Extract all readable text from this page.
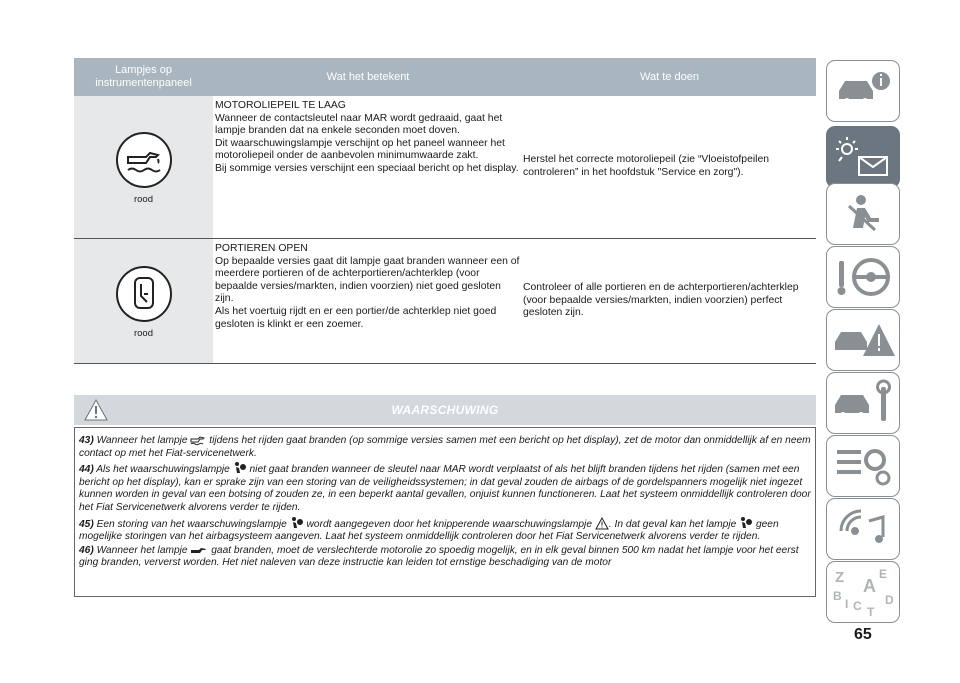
Lampjes op
instrumentenpaneel
Wat het betekent	Wat te doen
rood
MOTOROLIEPEIL TE LAAG
Wanneer de contactsleutel naar MAR wordt gedraaid, gaat het lampje branden dat na enkele seconden moet doven.
Dit waarschuwingslampje verschijnt op het paneel wanneer het motoroliepeil onder de aanbevolen minimumwaarde zakt.
Bij sommige versies verschijnt een speciaal bericht op het display.
Herstel het correcte motoroliepeil (zie “Vloeistofpeilen controleren” in het hoofdstuk "Service en zorg").
rood
PORTIEREN OPEN
Op bepaalde versies gaat dit lampje gaat branden wanneer een of meerdere portieren of de achterportieren/achterklep (voor bepaalde versies/markten, indien voorzien) niet goed gesloten zijn.
Als het voertuig rijdt en er een portier/de achterklep niet goed gesloten is klinkt er een zoemer.
Controleer of alle portieren en de achterportieren/achterklep (voor bepaalde versies/markten, indien voorzien) perfect gesloten zijn.
WAARSCHUWING

43) Wanneer het lampje tijdens het rijden gaat branden (op sommige versies samen met een bericht op het display), zet de motor dan onmiddellijk af en neem contact op met het Fiat-servicenetwerk.

44) Als het waarschuwingslampje niet gaat branden wanneer de sleutel naar MAR wordt verplaatst of als het blijft branden tijdens het rijden (samen met een bericht op het display), kan er sprake zijn van een storing van de veiligheidssystemen; in dat geval zouden de airbags of de gordelspanners mogelijk niet ingezet kunnen worden in geval van een botsing of zouden ze, in een beperkt aantal gevallen, onjuist kunnen functioneren. Laat het systeem onmiddellijk controleren door het Fiat Servicenetwerk alvorens verder te rijden.

45) Een storing van het waarschuwingslampje wordt aangegeven door het knipperende waarschuwingslampje . In dat geval kan het lampje geen mogelijke storingen van het airbagsysteem aangeven. Laat het systeem onmiddellijk controleren door het Fiat Servicenetwerk alvorens verder te rijden.

46) Wanneer het lampje gaat branden, moet de verslechterde motorolie zo spoedig mogelijk, en in elk geval binnen 500 km nadat het lampje voor het eerst ging branden, ververst worden. Het niet naleven van deze instructie kan leiden tot ernstige beschadiging van de motor

Z	E
A
B
I C T
D
65
